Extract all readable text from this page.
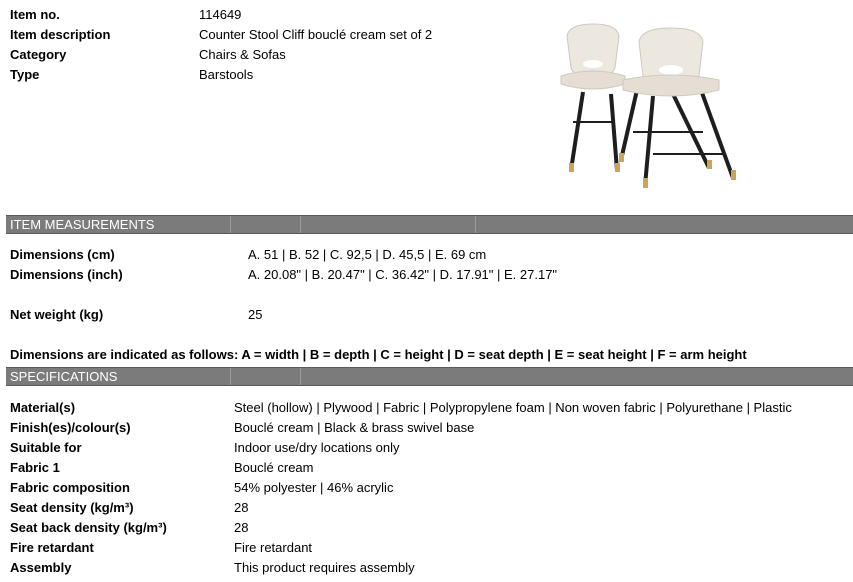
Item no.	114649
Item description	Counter Stool Cliff bouclé cream set of 2
Category	Chairs & Sofas
Type	Barstools
ITEM MEASUREMENTS
Dimensions (cm)	A. 51 | B. 52 | C. 92,5 | D. 45,5 | E. 69 cm
Dimensions (inch)	A. 20.08" | B. 20.47" | C. 36.42" | D. 17.91" | E. 27.17"
Net weight (kg)	25
Dimensions are indicated as follows: A = width | B = depth | C = height | D = seat depth | E = seat height | F = arm height
SPECIFICATIONS
Material(s)	Steel (hollow) | Plywood | Fabric | Polypropylene foam | Non woven fabric | Polyurethane | Plastic
Finish(es)/colour(s)	Bouclé cream | Black & brass swivel base
Suitable for	Indoor use/dry locations only
Fabric 1	Bouclé cream
Fabric composition	54% polyester | 46% acrylic
Seat density (kg/m³)	28
Seat back density (kg/m³)	28
Fire retardant	Fire retardant
Assembly	This product requires assembly
